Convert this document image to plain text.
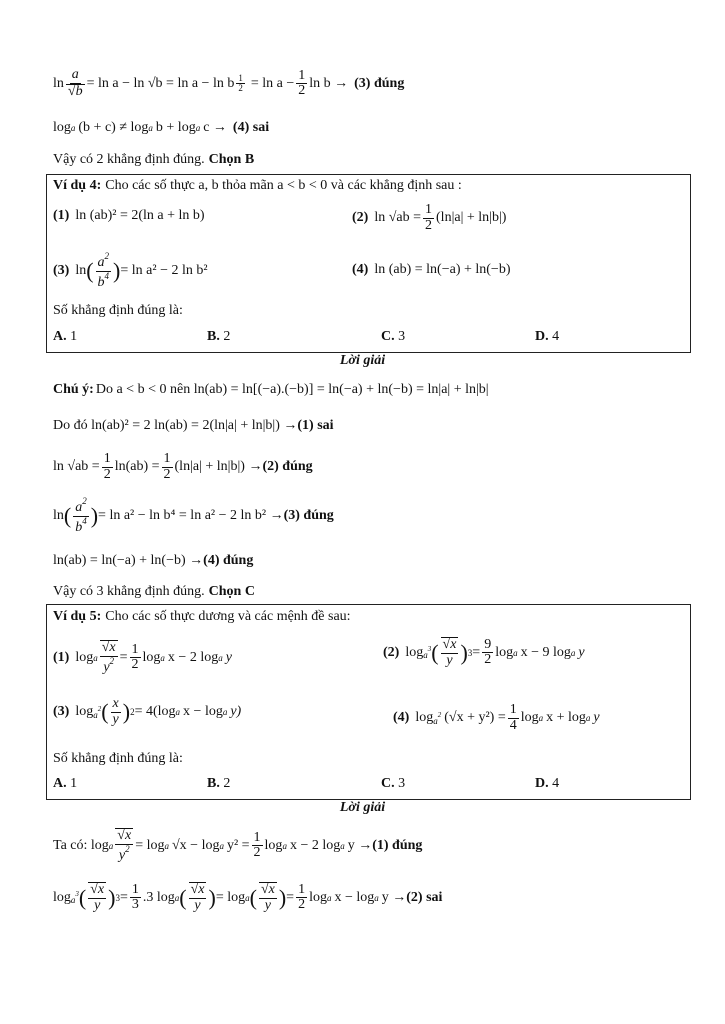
ln a
√ b = ln a − ln √b = ln a − ln b $\frac{1}{2} = \ln a - \frac{1}{2}$ ln b → (3) đúng
log a (b + c) ≠ log a b + log a c → (4) sai
Vậy có 2 khẳng định đúng. Chọn B
Ví dụ 4: Cho các số thực a, b thỏa mãn a < b < 0 và các khẳng định sau :
(1) ln (ab)² = 2(ln a + ln b)	(2) $\ln √ab = \frac{1}{2} (\ln|a| + \ln|b|)$
(3) ln ( $\frac{a^2}{b^4}$ ) = ln a² − 2 ln b²	(4) ln (ab) = ln(−a) + ln(−b)
Số khẳng định đúng là:
A. 1	B. 2	C. 3	D. 4
Lời giải
Chú ý: Do a < b < 0 nên ln(ab) = ln[(−a).(−b)] = ln(−a) + ln(−b) = ln|a| + ln|b|
Do đó ln(ab)² = 2 ln(ab) = 2(ln|a| + ln|b|) → (1) sai
$\ln √ab = \frac{1}{2} \ln(ab) = \frac{1}{2} (\ln|a| + \ln|b|) \to (2)$ đúng
ln ( $\frac{a^2}{b^4}$ ) = ln a² − ln b⁴ = ln a² − 2 ln b² → (3) đúng
ln(ab) = ln(−a) + ln(−b) → (4) đúng
Vậy có 3 khẳng định đúng. Chọn C
Ví dụ 5: Cho các số thực dương và các mệnh đề sau:
(1) log a √ $\frac{x}{y^2} = \frac{1}{2}$ log a x − 2 log a y	(2) $\log a^3$ ( √ $\frac{x}{y}$ ) $3 = \frac{9}{2}$ log a x − 9 log a y
(3) $\log a^2$ ( $\frac{x}{y}$ ) 2 = 4(log a x − log a y)	(4) $\log a^2$ $(√x + y^2) = \frac{1}{4}$ log a x + log a y
Số khẳng định đúng là:
A. 1	B. 2	C. 3	D. 4
Lời giải
Ta có: log a √ $\frac{x}{y^2} = \log a$ √x − log a $y^2 = \frac{1}{2}$ log a x − 2 log a y → (1) đúng
$\log a^3$ ( √ $\frac{x}{y}$ ) $3 = \frac{1}{3} .3$ log a ( √ $\frac{x}{y}$ ) = log a ( √ $\frac{x}{y}$ ) = $\frac{1}{2}$ log a x − log a y → (2) sai
